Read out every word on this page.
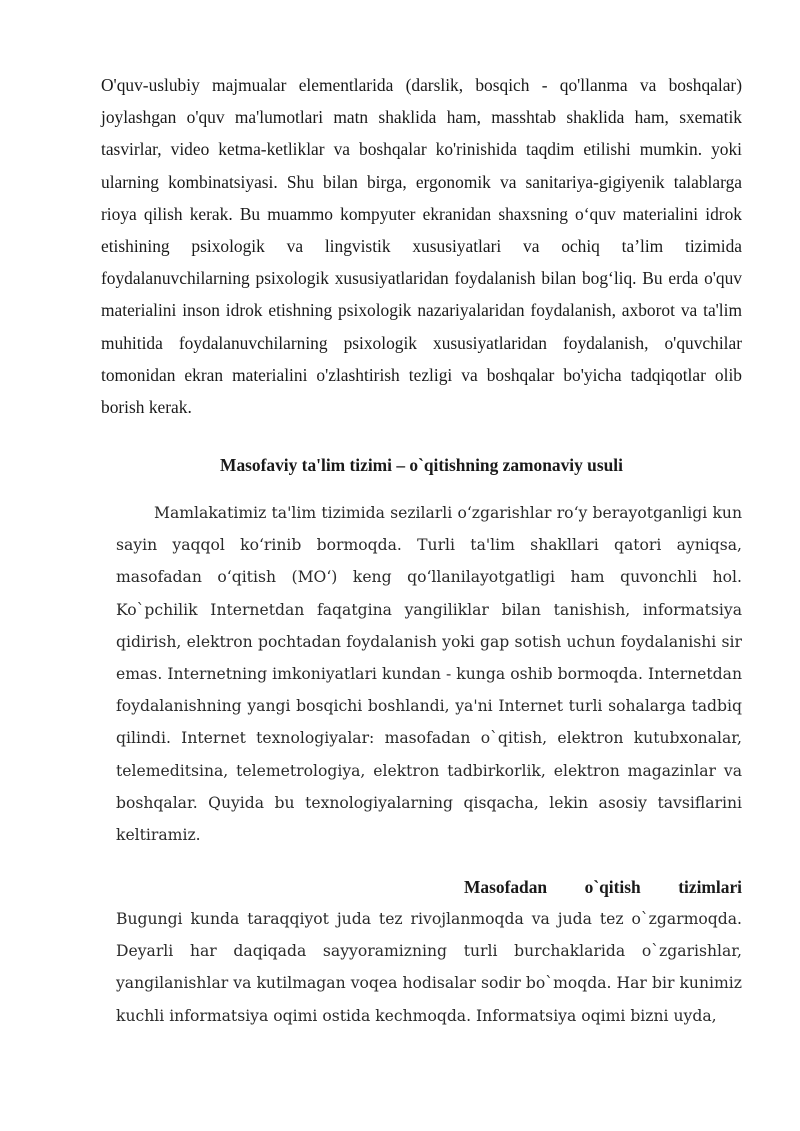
O'quv-uslubiy majmualar elementlarida (darslik, bosqich - qo'llanma va boshqalar) joylashgan o'quv ma'lumotlari matn shaklida ham, masshtab shaklida ham, sxematik tasvirlar, video ketma-ketliklar va boshqalar ko'rinishida taqdim etilishi mumkin. yoki ularning kombinatsiyasi. Shu bilan birga, ergonomik va sanitariya-gigiyenik talablarga rioya qilish kerak. Bu muammo kompyuter ekranidan shaxsning o‘quv materialini idrok etishining psixologik va lingvistik xususiyatlari va ochiq ta’lim tizimida foydalanuvchilarning psixologik xususiyatlaridan foydalanish bilan bog‘liq. Bu erda o'quv materialini inson idrok etishning psixologik nazariyalaridan foydalanish, axborot va ta'lim muhitida foydalanuvchilarning psixologik xususiyatlaridan foydalanish, o'quvchilar tomonidan ekran materialini o'zlashtirish tezligi va boshqalar bo'yicha tadqiqotlar olib borish kerak.

Masofaviy ta'lim tizimi – o`qitishning zamonaviy usuli

Mamlakatimiz ta'lim tizimida sezilarli o‘zgarishlar ro‘y berayotganligi kun sayin yaqqol ko‘rinib bormoqda. Turli ta'lim shakllari qatori ayniqsa, masofadan o‘qitish (MO‘) keng qo‘llanilayotgatligi ham quvonchli hol. Ko`pchilik Internetdan faqatgina yangiliklar bilan tanishish, informatsiya qidirish, elektron pochtadan foydalanish yoki gap sotish uchun foydalanishi sir emas. Internetning imkoniyatlari kundan - kunga oshib bormoqda. Internetdan foydalanishning yangi bosqichi boshlandi, ya'ni Internet turli sohalarga tadbiq qilindi. Internet texnologiyalar: masofadan o`qitish, elektron kutubxonalar, telemeditsina, telemetrologiya, elektron tadbirkorlik, elektron magazinlar va boshqalar. Quyida bu texnologiyalarning qisqacha, lekin asosiy tavsiflarini keltiramiz.

Masofadan o`qitish tizimlari

Bugungi kunda taraqqiyot juda tez rivojlanmoqda va juda tez o`zgarmoqda. Deyarli har daqiqada sayyoramizning turli burchaklarida o`zgarishlar, yangilanishlar va kutilmagan voqea hodisalar sodir bo`moqda. Har bir kunimiz kuchli informatsiya oqimi ostida kechmoqda. Informatsiya oqimi bizni uyda,
